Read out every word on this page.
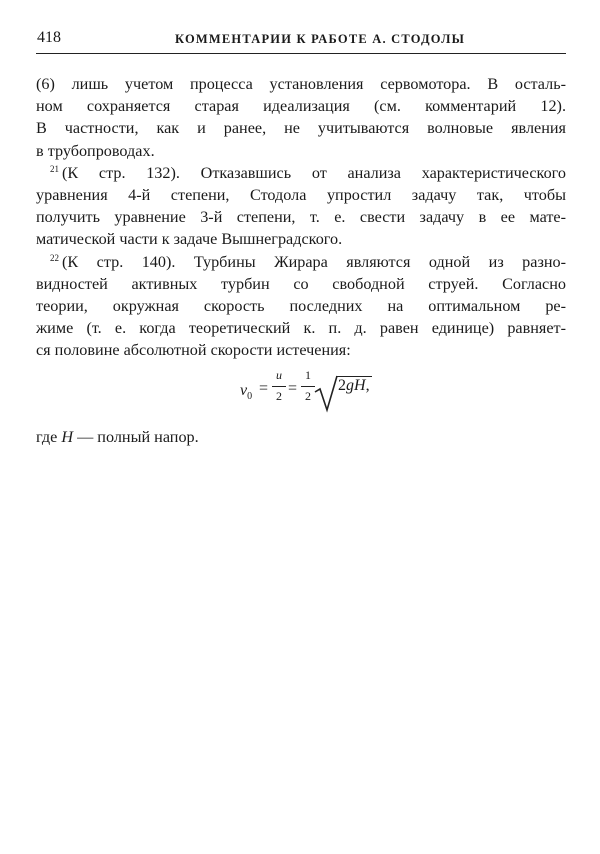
418	КОММЕНТАРИИ К РАБОТЕ А. СТОДОЛЫ
(6) лишь учетом процесса установления сервомотора. В осталь-
ном сохраняется старая идеализация (см. комментарий 12).
В частности, как и ранее, не учитываются волновые явления
в трубопроводах.
$^{21}$ (К стр. 132). Отказавшись от анализа характеристического
уравнения 4-й степени, Стодола упростил задачу так, чтобы
получить уравнение 3-й степени, т. е. свести задачу в ее мате-
матической части к задаче Вышнеградского.
$^{22}$ (К стр. 140). Турбины Жирара являются одной из разно-
видностей активных турбин со свободной струей. Согласно
теории, окружная скорость последних на оптимальном ре-
жиме (т. е. когда теоретический к. п. д. равен единице) равняет-
ся половине абсолютной скорости истечения:
$v_0$ =
u
2 =
1
2
2gH,
где H — полный напор.
